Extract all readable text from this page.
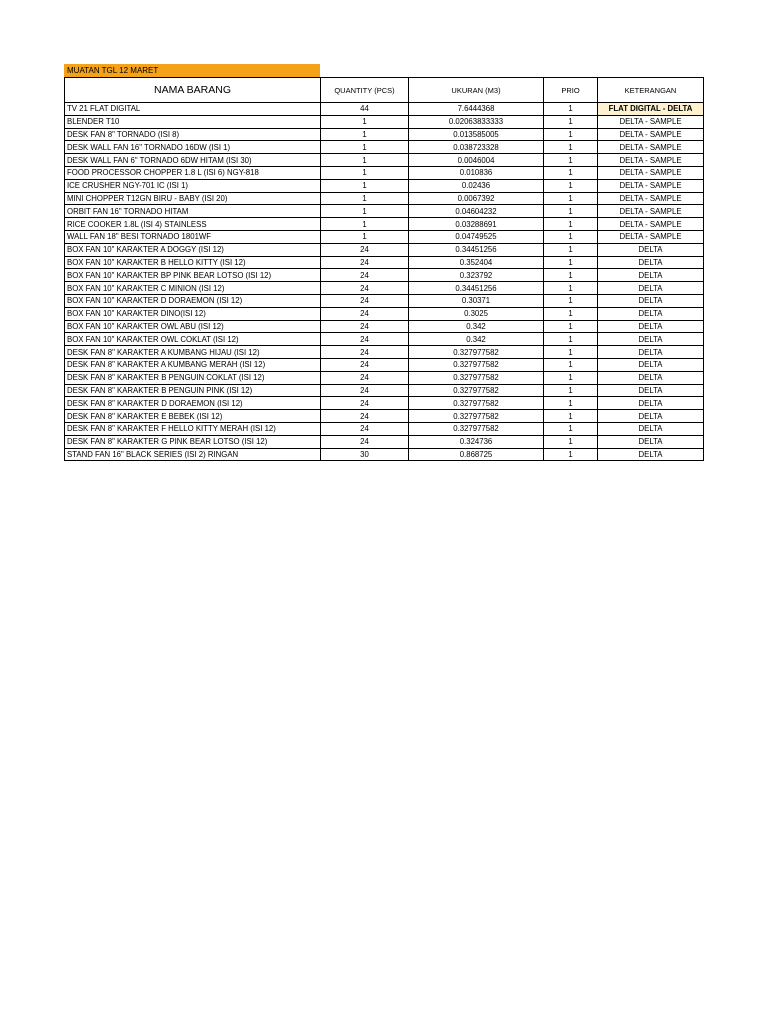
MUATAN TGL 12 MARET
NAMA BARANG	QUANTITY (PCS)	UKURAN (M3)	PRIO	KETERANGAN
TV 21 FLAT DIGITAL	44	7.6444368	1	FLAT DIGITAL - DELTA
BLENDER T10	1	0.02063833333	1	DELTA - SAMPLE
DESK FAN 8" TORNADO (ISI 8)	1	0.013585005	1	DELTA - SAMPLE
DESK WALL FAN 16" TORNADO 16DW (ISI 1)	1	0.038723328	1	DELTA - SAMPLE
DESK WALL FAN 6" TORNADO 6DW HITAM (ISI 30)	1	0.0046004	1	DELTA - SAMPLE
FOOD PROCESSOR CHOPPER 1.8 L (ISI 6) NGY-818	1	0.010836	1	DELTA - SAMPLE
ICE CRUSHER NGY-701 IC (ISI 1)	1	0.02436	1	DELTA - SAMPLE
MINI CHOPPER T12GN BIRU - BABY (ISI 20)	1	0.0067392	1	DELTA - SAMPLE
ORBIT FAN 16" TORNADO HITAM	1	0.04604232	1	DELTA - SAMPLE
RICE COOKER 1.8L (ISI 4) STAINLESS	1	0.03288691	1	DELTA - SAMPLE
WALL FAN 18" BESI TORNADO 1801WF	1	0.04749525	1	DELTA - SAMPLE
BOX FAN 10" KARAKTER A DOGGY (ISI 12)	24	0.34451256	1	DELTA
BOX FAN 10" KARAKTER B HELLO KITTY (ISI 12)	24	0.352404	1	DELTA
BOX FAN 10" KARAKTER BP PINK BEAR LOTSO (ISI 12)	24	0.323792	1	DELTA
BOX FAN 10" KARAKTER C MINION (ISI 12)	24	0.34451256	1	DELTA
BOX FAN 10" KARAKTER D DORAEMON (ISI 12)	24	0.30371	1	DELTA
BOX FAN 10" KARAKTER DINO(ISI 12)	24	0.3025	1	DELTA
BOX FAN 10" KARAKTER OWL ABU (ISI 12)	24	0.342	1	DELTA
BOX FAN 10" KARAKTER OWL COKLAT (ISI 12)	24	0.342	1	DELTA
DESK FAN 8" KARAKTER A KUMBANG HIJAU (ISI 12)	24	0.327977582	1	DELTA
DESK FAN 8" KARAKTER A KUMBANG MERAH (ISI 12)	24	0.327977582	1	DELTA
DESK FAN 8" KARAKTER B PENGUIN COKLAT (ISI 12)	24	0.327977582	1	DELTA
DESK FAN 8" KARAKTER B PENGUIN PINK (ISI 12)	24	0.327977582	1	DELTA
DESK FAN 8" KARAKTER D DORAEMON (ISI 12)	24	0.327977582	1	DELTA
DESK FAN 8" KARAKTER E BEBEK (ISI 12)	24	0.327977582	1	DELTA
DESK FAN 8" KARAKTER F HELLO KITTY MERAH (ISI 12)	24	0.327977582	1	DELTA
DESK FAN 8" KARAKTER G PINK BEAR LOTSO (ISI 12)	24	0.324736	1	DELTA
STAND FAN 16" BLACK SERIES (ISI 2) RINGAN	30	0.868725	1	DELTA
